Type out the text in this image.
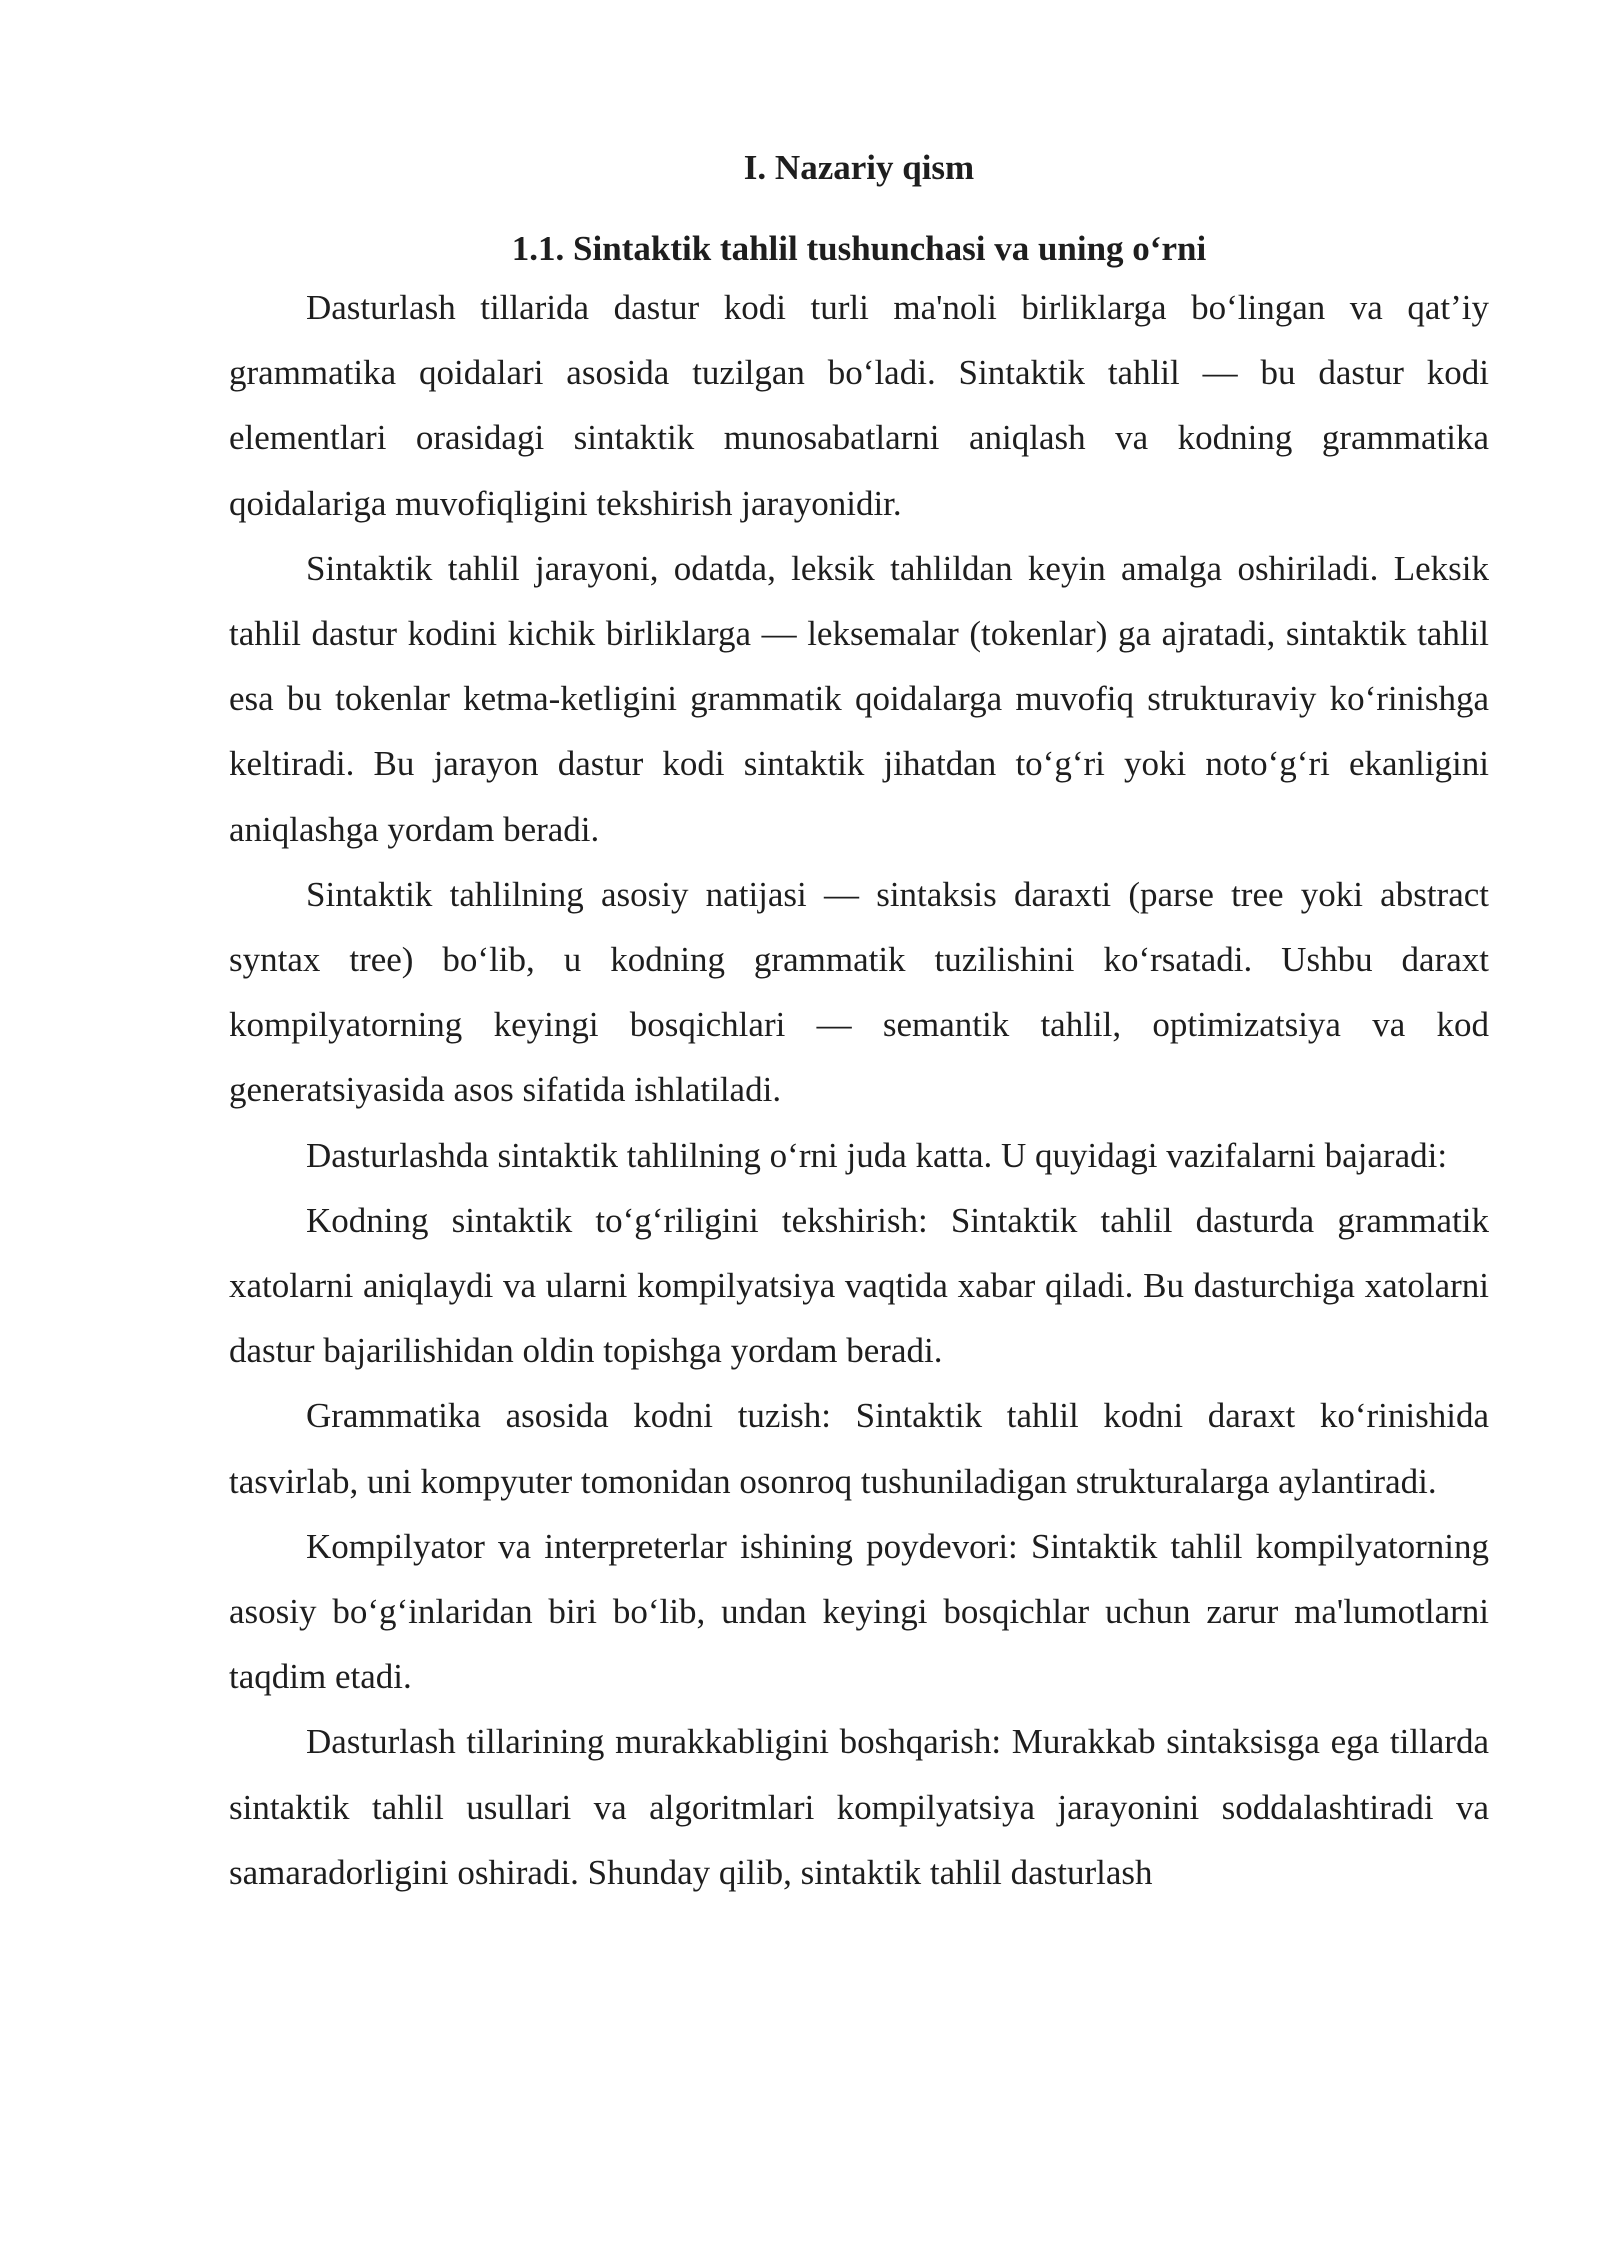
I. Nazariy qism
1.1. Sintaktik tahlil tushunchasi va uning o‘rni

Dasturlash tillarida dastur kodi turli ma'noli birliklarga bo‘lingan va qat’iy grammatika qoidalari asosida tuzilgan bo‘ladi. Sintaktik tahlil — bu dastur kodi elementlari orasidagi sintaktik munosabatlarni aniqlash va kodning grammatika qoidalariga muvofiqligini tekshirish jarayonidir.

Sintaktik tahlil jarayoni, odatda, leksik tahlildan keyin amalga oshiriladi. Leksik tahlil dastur kodini kichik birliklarga — leksemalar (tokenlar) ga ajratadi, sintaktik tahlil esa bu tokenlar ketma-ketligini grammatik qoidalarga muvofiq strukturaviy ko‘rinishga keltiradi. Bu jarayon dastur kodi sintaktik jihatdan to‘g‘ri yoki noto‘g‘ri ekanligini aniqlashga yordam beradi.

Sintaktik tahlilning asosiy natijasi — sintaksis daraxti (parse tree yoki abstract syntax tree) bo‘lib, u kodning grammatik tuzilishini ko‘rsatadi. Ushbu daraxt kompilyatorning keyingi bosqichlari — semantik tahlil, optimizatsiya va kod generatsiyasida asos sifatida ishlatiladi.

Dasturlashda sintaktik tahlilning o‘rni juda katta. U quyidagi vazifalarni bajaradi:

Kodning sintaktik to‘g‘riligini tekshirish: Sintaktik tahlil dasturda grammatik xatolarni aniqlaydi va ularni kompilyatsiya vaqtida xabar qiladi. Bu dasturchiga xatolarni dastur bajarilishidan oldin topishga yordam beradi.

Grammatika asosida kodni tuzish: Sintaktik tahlil kodni daraxt ko‘rinishida tasvirlab, uni kompyuter tomonidan osonroq tushuniladigan strukturalarga aylantiradi.

Kompilyator va interpreterlar ishining poydevori: Sintaktik tahlil kompilyatorning asosiy bo‘g‘inlaridan biri bo‘lib, undan keyingi bosqichlar uchun zarur ma'lumotlarni taqdim etadi.

Dasturlash tillarining murakkabligini boshqarish: Murakkab sintaksisga ega tillarda sintaktik tahlil usullari va algoritmlari kompilyatsiya jarayonini soddalashtiradi va samaradorligini oshiradi. Shunday qilib, sintaktik tahlil dasturlash
